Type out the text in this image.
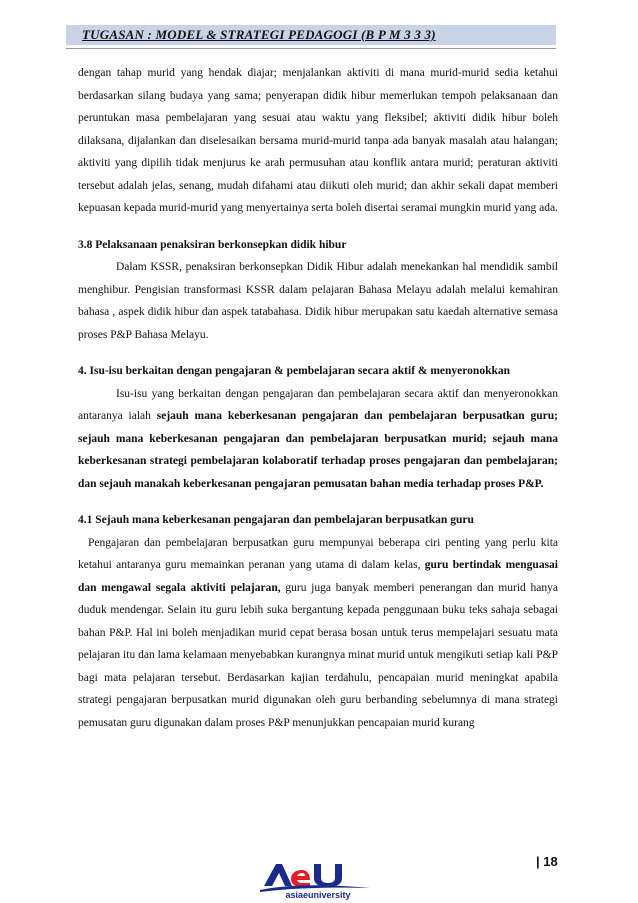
TUGASAN : MODEL & STRATEGI PEDAGOGI (B P M 3 3 3)

dengan tahap murid yang hendak diajar; menjalankan aktiviti di mana murid-murid sedia ketahui berdasarkan silang budaya yang sama; penyerapan didik hibur memerlukan tempoh pelaksanaan dan peruntukan masa pembelajaran yang sesuai atau waktu yang fleksibel; aktiviti didik hibur boleh dilaksana, dijalankan dan diselesaikan bersama murid-murid tanpa ada banyak masalah atau halangan; aktiviti yang dipilih tidak menjurus ke arah permusuhan atau konflik antara murid; peraturan aktiviti tersebut adalah jelas, senang, mudah difahami atau diikuti oleh murid; dan akhir sekali dapat memberi kepuasan kepada murid-murid yang menyertainya serta boleh disertai seramai mungkin murid yang ada.

3.8 Pelaksanaan penaksiran berkonsepkan didik hibur

Dalam KSSR, penaksiran berkonsepkan Didik Hibur adalah menekankan hal mendidik sambil menghibur. Pengisian transformasi KSSR dalam pelajaran Bahasa Melayu adalah melalui kemahiran bahasa , aspek didik hibur dan aspek tatabahasa. Didik hibur merupakan satu kaedah alternative semasa proses P&P Bahasa Melayu.

4. Isu-isu berkaitan dengan pengajaran & pembelajaran secara aktif & menyeronokkan

Isu-isu yang berkaitan dengan pengajaran dan pembelajaran secara aktif dan menyeronokkan antaranya ialah sejauh mana keberkesanan pengajaran dan pembelajaran berpusatkan guru; sejauh mana keberkesanan pengajaran dan pembelajaran berpusatkan murid; sejauh mana keberkesanan strategi pembelajaran kolaboratif terhadap proses pengajaran dan pembelajaran; dan sejauh manakah keberkesanan pengajaran pemusatan bahan media terhadap proses P&P.

4.1 Sejauh mana keberkesanan pengajaran dan pembelajaran berpusatkan guru

Pengajaran dan pembelajaran berpusatkan guru mempunyai beberapa ciri penting yang perlu kita ketahui antaranya guru memainkan peranan yang utama di dalam kelas, guru bertindak menguasai dan mengawal segala aktiviti pelajaran, guru juga banyak memberi penerangan dan murid hanya duduk mendengar. Selain itu guru lebih suka bergantung kepada penggunaan buku teks sahaja sebagai bahan P&P. Hal ini boleh menjadikan murid cepat berasa bosan untuk terus mempelajari sesuatu mata pelajaran itu dan lama kelamaan menyebabkan kurangnya minat murid untuk mengikuti setiap kali P&P bagi mata pelajaran tersebut. Berdasarkan kajian terdahulu, pencapaian murid meningkat apabila strategi pengajaran berpusatkan murid digunakan oleh guru berbanding sebelumnya di mana strategi pemusatan guru digunakan dalam proses P&P menunjukkan pencapaian murid kurang

| 18
asiaeuniversity
